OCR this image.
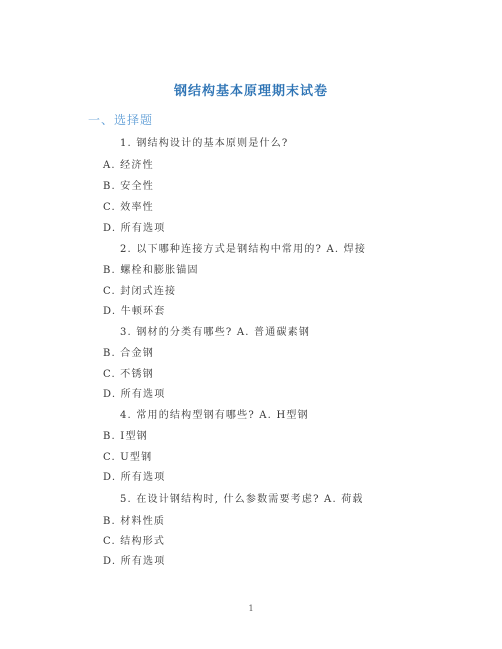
钢结构基本原理期末试卷
一、选择题
1. 钢结构设计的基本原则是什么?
A. 经济性
B. 安全性
C. 效率性
D. 所有选项
2. 以下哪种连接方式是钢结构中常用的? A. 焊接
B. 螺栓和膨胀锚固
C. 封闭式连接
D. 牛顿环套
3. 钢材的分类有哪些? A. 普通碳素钢
B. 合金钢
C. 不锈钢
D. 所有选项
4. 常用的结构型钢有哪些? A. H型钢
B. I型钢
C. U型钢
D. 所有选项
5. 在设计钢结构时, 什么参数需要考虑? A. 荷载
B. 材料性质
C. 结构形式
D. 所有选项
1
